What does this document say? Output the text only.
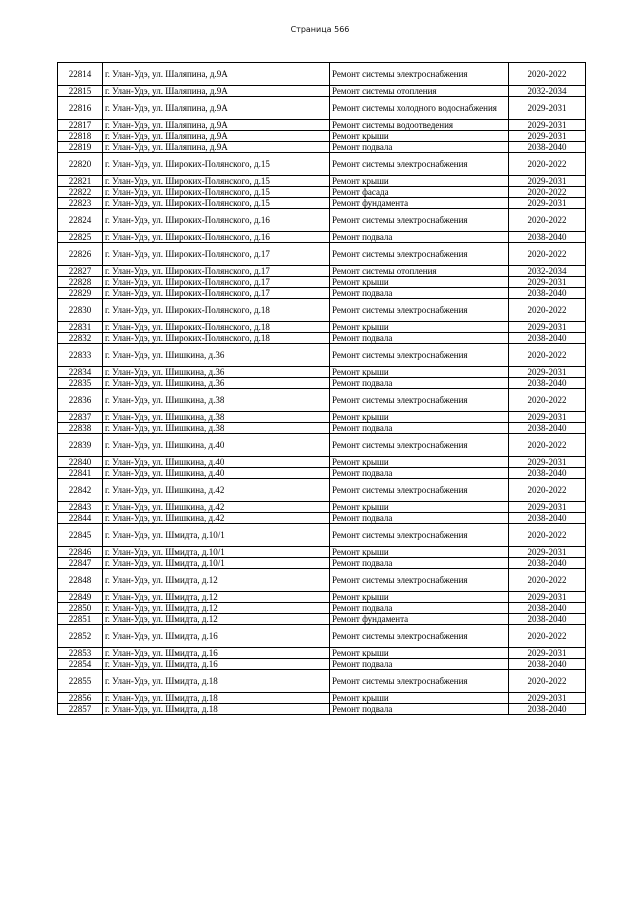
Страница 566
22814	г. Улан-Удэ, ул. Шаляпина, д.9А	Ремонт системы электроснабжения	2020-2022
22815	г. Улан-Удэ, ул. Шаляпина, д.9А	Ремонт системы отопления	2032-2034
22816	г. Улан-Удэ, ул. Шаляпина, д.9А	Ремонт системы холодного водоснабжения	2029-2031
22817	г. Улан-Удэ, ул. Шаляпина, д.9А	Ремонт системы водоотведения	2029-2031
22818	г. Улан-Удэ, ул. Шаляпина, д.9А	Ремонт крыши	2029-2031
22819	г. Улан-Удэ, ул. Шаляпина, д.9А	Ремонт подвала	2038-2040
22820	г. Улан-Удэ, ул. Широких-Полянского, д.15	Ремонт системы электроснабжения	2020-2022
22821	г. Улан-Удэ, ул. Широких-Полянского, д.15	Ремонт крыши	2029-2031
22822	г. Улан-Удэ, ул. Широких-Полянского, д.15	Ремонт фасада	2020-2022
22823	г. Улан-Удэ, ул. Широких-Полянского, д.15	Ремонт фундамента	2029-2031
22824	г. Улан-Удэ, ул. Широких-Полянского, д.16	Ремонт системы электроснабжения	2020-2022
22825	г. Улан-Удэ, ул. Широких-Полянского, д.16	Ремонт подвала	2038-2040
22826	г. Улан-Удэ, ул. Широких-Полянского, д.17	Ремонт системы электроснабжения	2020-2022
22827	г. Улан-Удэ, ул. Широких-Полянского, д.17	Ремонт системы отопления	2032-2034
22828	г. Улан-Удэ, ул. Широких-Полянского, д.17	Ремонт крыши	2029-2031
22829	г. Улан-Удэ, ул. Широких-Полянского, д.17	Ремонт подвала	2038-2040
22830	г. Улан-Удэ, ул. Широких-Полянского, д.18	Ремонт системы электроснабжения	2020-2022
22831	г. Улан-Удэ, ул. Широких-Полянского, д.18	Ремонт крыши	2029-2031
22832	г. Улан-Удэ, ул. Широких-Полянского, д.18	Ремонт подвала	2038-2040
22833	г. Улан-Удэ, ул. Шишкина, д.36	Ремонт системы электроснабжения	2020-2022
22834	г. Улан-Удэ, ул. Шишкина, д.36	Ремонт крыши	2029-2031
22835	г. Улан-Удэ, ул. Шишкина, д.36	Ремонт подвала	2038-2040
22836	г. Улан-Удэ, ул. Шишкина, д.38	Ремонт системы электроснабжения	2020-2022
22837	г. Улан-Удэ, ул. Шишкина, д.38	Ремонт крыши	2029-2031
22838	г. Улан-Удэ, ул. Шишкина, д.38	Ремонт подвала	2038-2040
22839	г. Улан-Удэ, ул. Шишкина, д.40	Ремонт системы электроснабжения	2020-2022
22840	г. Улан-Удэ, ул. Шишкина, д.40	Ремонт крыши	2029-2031
22841	г. Улан-Удэ, ул. Шишкина, д.40	Ремонт подвала	2038-2040
22842	г. Улан-Удэ, ул. Шишкина, д.42	Ремонт системы электроснабжения	2020-2022
22843	г. Улан-Удэ, ул. Шишкина, д.42	Ремонт крыши	2029-2031
22844	г. Улан-Удэ, ул. Шишкина, д.42	Ремонт подвала	2038-2040
22845	г. Улан-Удэ, ул. Шмидта, д.10/1	Ремонт системы электроснабжения	2020-2022
22846	г. Улан-Удэ, ул. Шмидта, д.10/1	Ремонт крыши	2029-2031
22847	г. Улан-Удэ, ул. Шмидта, д.10/1	Ремонт подвала	2038-2040
22848	г. Улан-Удэ, ул. Шмидта, д.12	Ремонт системы электроснабжения	2020-2022
22849	г. Улан-Удэ, ул. Шмидта, д.12	Ремонт крыши	2029-2031
22850	г. Улан-Удэ, ул. Шмидта, д.12	Ремонт подвала	2038-2040
22851	г. Улан-Удэ, ул. Шмидта, д.12	Ремонт фундамента	2038-2040
22852	г. Улан-Удэ, ул. Шмидта, д.16	Ремонт системы электроснабжения	2020-2022
22853	г. Улан-Удэ, ул. Шмидта, д.16	Ремонт крыши	2029-2031
22854	г. Улан-Удэ, ул. Шмидта, д.16	Ремонт подвала	2038-2040
22855	г. Улан-Удэ, ул. Шмидта, д.18	Ремонт системы электроснабжения	2020-2022
22856	г. Улан-Удэ, ул. Шмидта, д.18	Ремонт крыши	2029-2031
22857	г. Улан-Удэ, ул. Шмидта, д.18	Ремонт подвала	2038-2040
